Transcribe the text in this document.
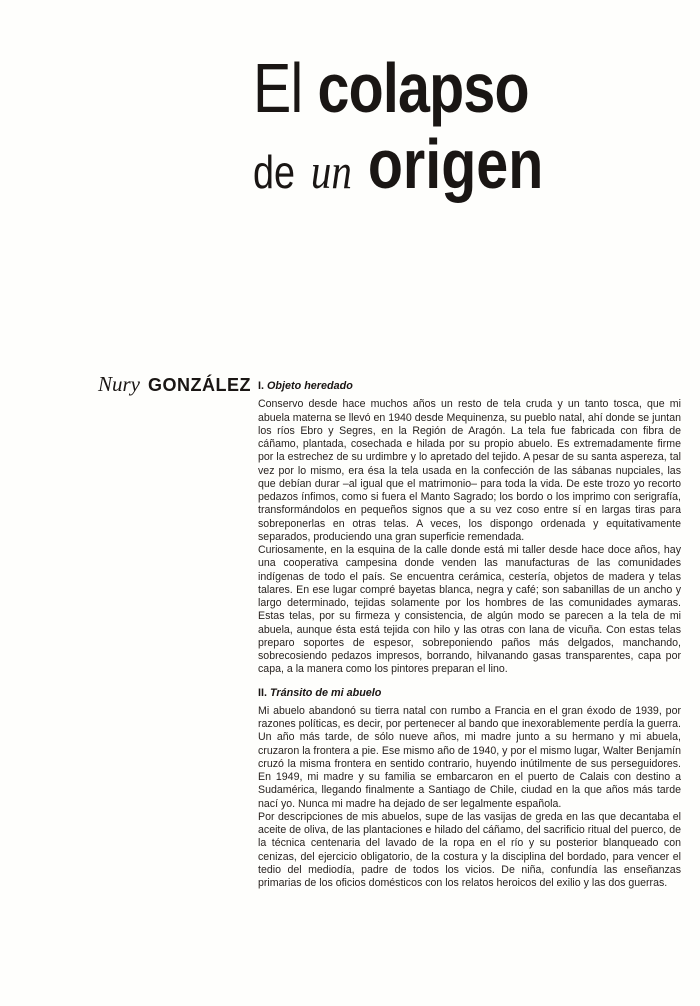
El colapso
de un origen
Nury GONZÁLEZ I. Objeto heredado

Conservo desde hace muchos años un resto de tela cruda y un tanto tosca, que mi abuela materna se llevó en 1940 desde Mequinenza, su pueblo natal, ahí donde se juntan los ríos Ebro y Segres, en la Región de Aragón. La tela fue fabricada con fibra de cáñamo, plantada, cosechada e hilada por su propio abuelo. Es extremadamente firme por la estrechez de su urdimbre y lo apretado del tejido. A pesar de su santa aspereza, tal vez por lo mismo, era ésa la tela usada en la confección de las sábanas nupciales, las que debían durar –al igual que el matrimonio– para toda la vida. De este trozo yo recorto pedazos ínfimos, como si fuera el Manto Sagrado; los bordo o los imprimo con serigrafía, transformándolos en pequeños signos que a su vez coso entre sí en largas tiras para sobreponerlas en otras telas. A veces, los dispongo ordenada y equitativamente separados, produciendo una gran superficie remendada.

Curiosamente, en la esquina de la calle donde está mi taller desde hace doce años, hay una cooperativa campesina donde venden las manufacturas de las comunidades indígenas de todo el país. Se encuentra cerámica, cestería, objetos de madera y telas talares. En ese lugar compré bayetas blanca, negra y café; son sabanillas de un ancho y largo determinado, tejidas solamente por los hombres de las comunidades aymaras. Estas telas, por su firmeza y consistencia, de algún modo se parecen a la tela de mi abuela, aunque ésta está tejida con hilo y las otras con lana de vicuña. Con estas telas preparo soportes de espesor, sobreponiendo paños más delgados, manchando, sobrecosiendo pedazos impresos, borrando, hilvanando gasas transparentes, capa por capa, a la manera como los pintores preparan el lino.

II. Tránsito de mi abuelo

Mi abuelo abandonó su tierra natal con rumbo a Francia en el gran éxodo de 1939, por razones políticas, es decir, por pertenecer al bando que inexorablemente perdía la guerra. Un año más tarde, de sólo nueve años, mi madre junto a su hermano y mi abuela, cruzaron la frontera a pie. Ese mismo año de 1940, y por el mismo lugar, Walter Benjamín cruzó la misma frontera en sentido contrario, huyendo inútilmente de sus perseguidores. En 1949, mi madre y su familia se embarcaron en el puerto de Calais con destino a Sudamérica, llegando finalmente a Santiago de Chile, ciudad en la que años más tarde nací yo. Nunca mi madre ha dejado de ser legalmente española.

Por descripciones de mis abuelos, supe de las vasijas de greda en las que decantaba el aceite de oliva, de las plantaciones e hilado del cáñamo, del sacrificio ritual del puerco, de la técnica centenaria del lavado de la ropa en el río y su posterior blanqueado con cenizas, del ejercicio obligatorio, de la costura y la disciplina del bordado, para vencer el tedio del mediodía, padre de todos los vicios. De niña, confundía las enseñanzas primarias de los oficios domésticos con los relatos heroicos del exilio y las dos guerras.
